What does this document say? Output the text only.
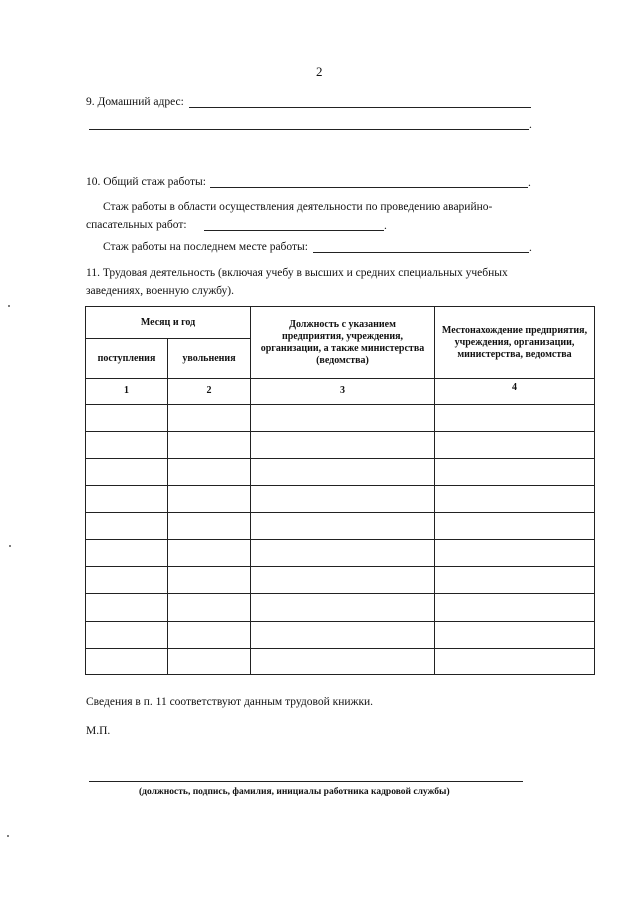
2
9. Домашний адрес:
.
10. Общий стаж работы:	.
Стаж работы в области осуществления деятельности по проведению аварийно-
спасательных работ:	.
Стаж работы на последнем месте работы:	.
11. Трудовая деятельность (включая учебу в высших и средних специальных учебных
заведениях, военную службу).
Месяц и год		Должность с указанием предприятия, учреждения, организации, а также министерства (ведомства)	Местонахождение предприятия, учреждения, организации, министерства, ведомства
поступления	увольнения		
1	2	3	4

Сведения в п. 11 соответствуют данным трудовой книжки.
М.П.
(должность, подпись, фамилия, инициалы работника кадровой службы)
